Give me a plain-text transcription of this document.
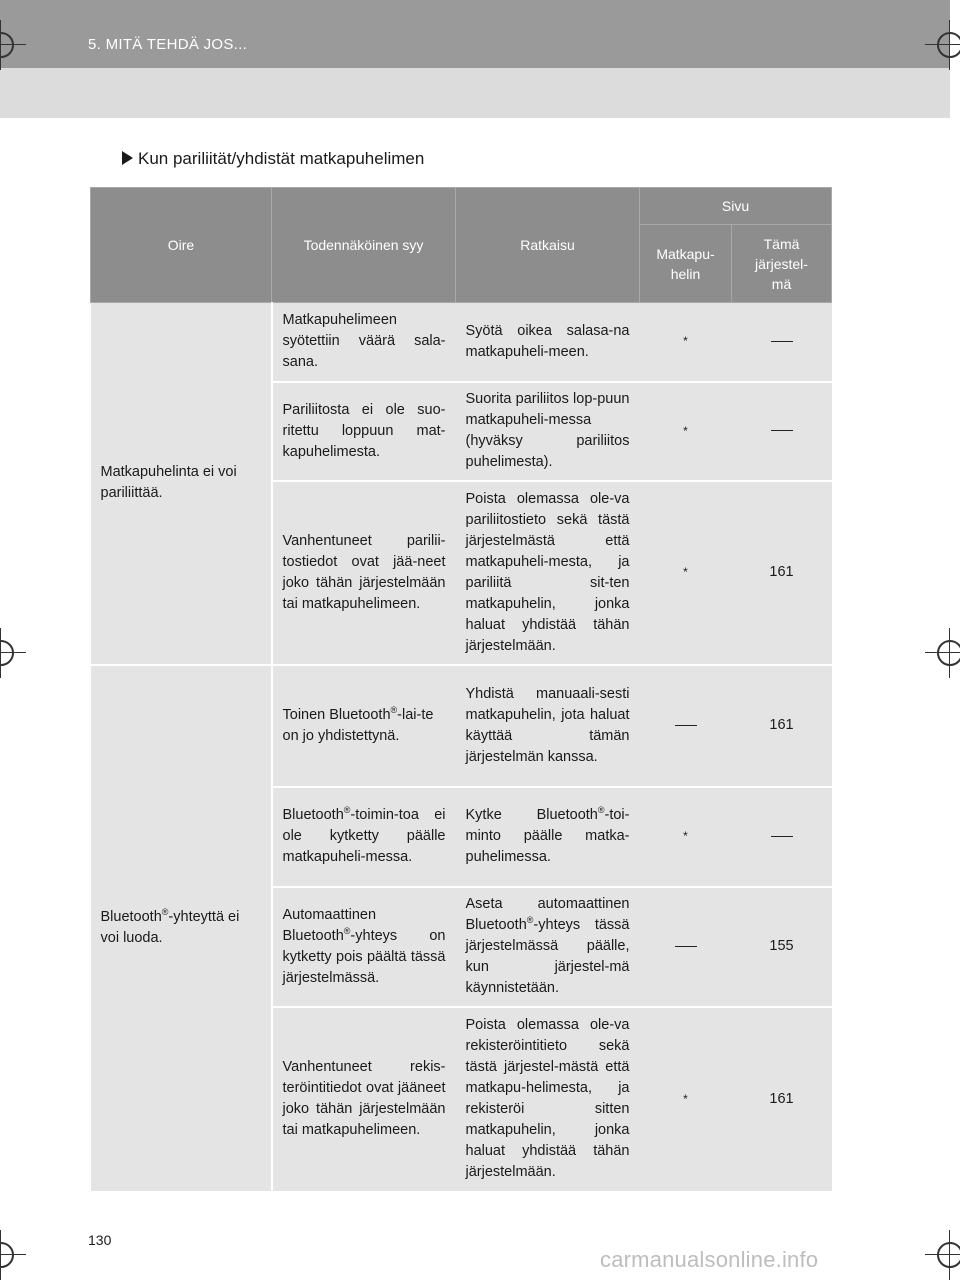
5. MITÄ TEHDÄ JOS...
Kun pariliität/yhdistät matkapuhelimen
Oire	Todennäköinen syy	Ratkaisu	Sivu	
			Matkapu-helin	Tämä järjestel-mä
Matkapuhelinta ei voi pariliittää.	Matkapuhelimeen syötettiin väärä sala-sana.	Syötä oikea salasa-na matkapuheli-meen.	*	
	Pariliitosta ei ole suo-ritettu loppuun mat-kapuhelimesta.	Suorita pariliitos lop-puun matkapuheli-messa (hyväksy pariliitos puhelimesta).	*	
	Vanhentuneet parilii-tostiedot ovat jää-neet joko tähän järjestelmään tai matkapuhelimeen.	Poista olemassa ole-va pariliitostieto sekä tästä järjestelmästä että matkapuheli-mesta, ja pariliitä sit-ten matkapuhelin, jonka haluat yhdistää tähän järjestelmään.	*	161
Bluetooth®-yhteyttä ei voi luoda.	Toinen Bluetooth®-lai-te on jo yhdistettynä.	Yhdistä manuaali-sesti matkapuhelin, jota haluat käyttää tämän järjestelmän kanssa.		161
	Bluetooth®-toimin-toa ei ole kytketty päälle matkapuheli-messa.	Kytke Bluetooth®-toi-minto päälle matka-puhelimessa.	*	
	Automaattinen Bluetooth®-yhteys on kytketty pois päältä tässä järjestelmässä.	Aseta automaattinen Bluetooth®-yhteys tässä järjestelmässä päälle, kun järjestel-mä käynnistetään.		155
	Vanhentuneet rekis-teröintitiedot ovat jääneet joko tähän järjestelmään tai matkapuhelimeen.	Poista olemassa ole-va rekisteröintitieto sekä tästä järjestel-mästä että matkapu-helimesta, ja rekisteröi sitten matkapuhelin, jonka haluat yhdistää tähän järjestelmään.	*	161
130
carmanualsonline.info
